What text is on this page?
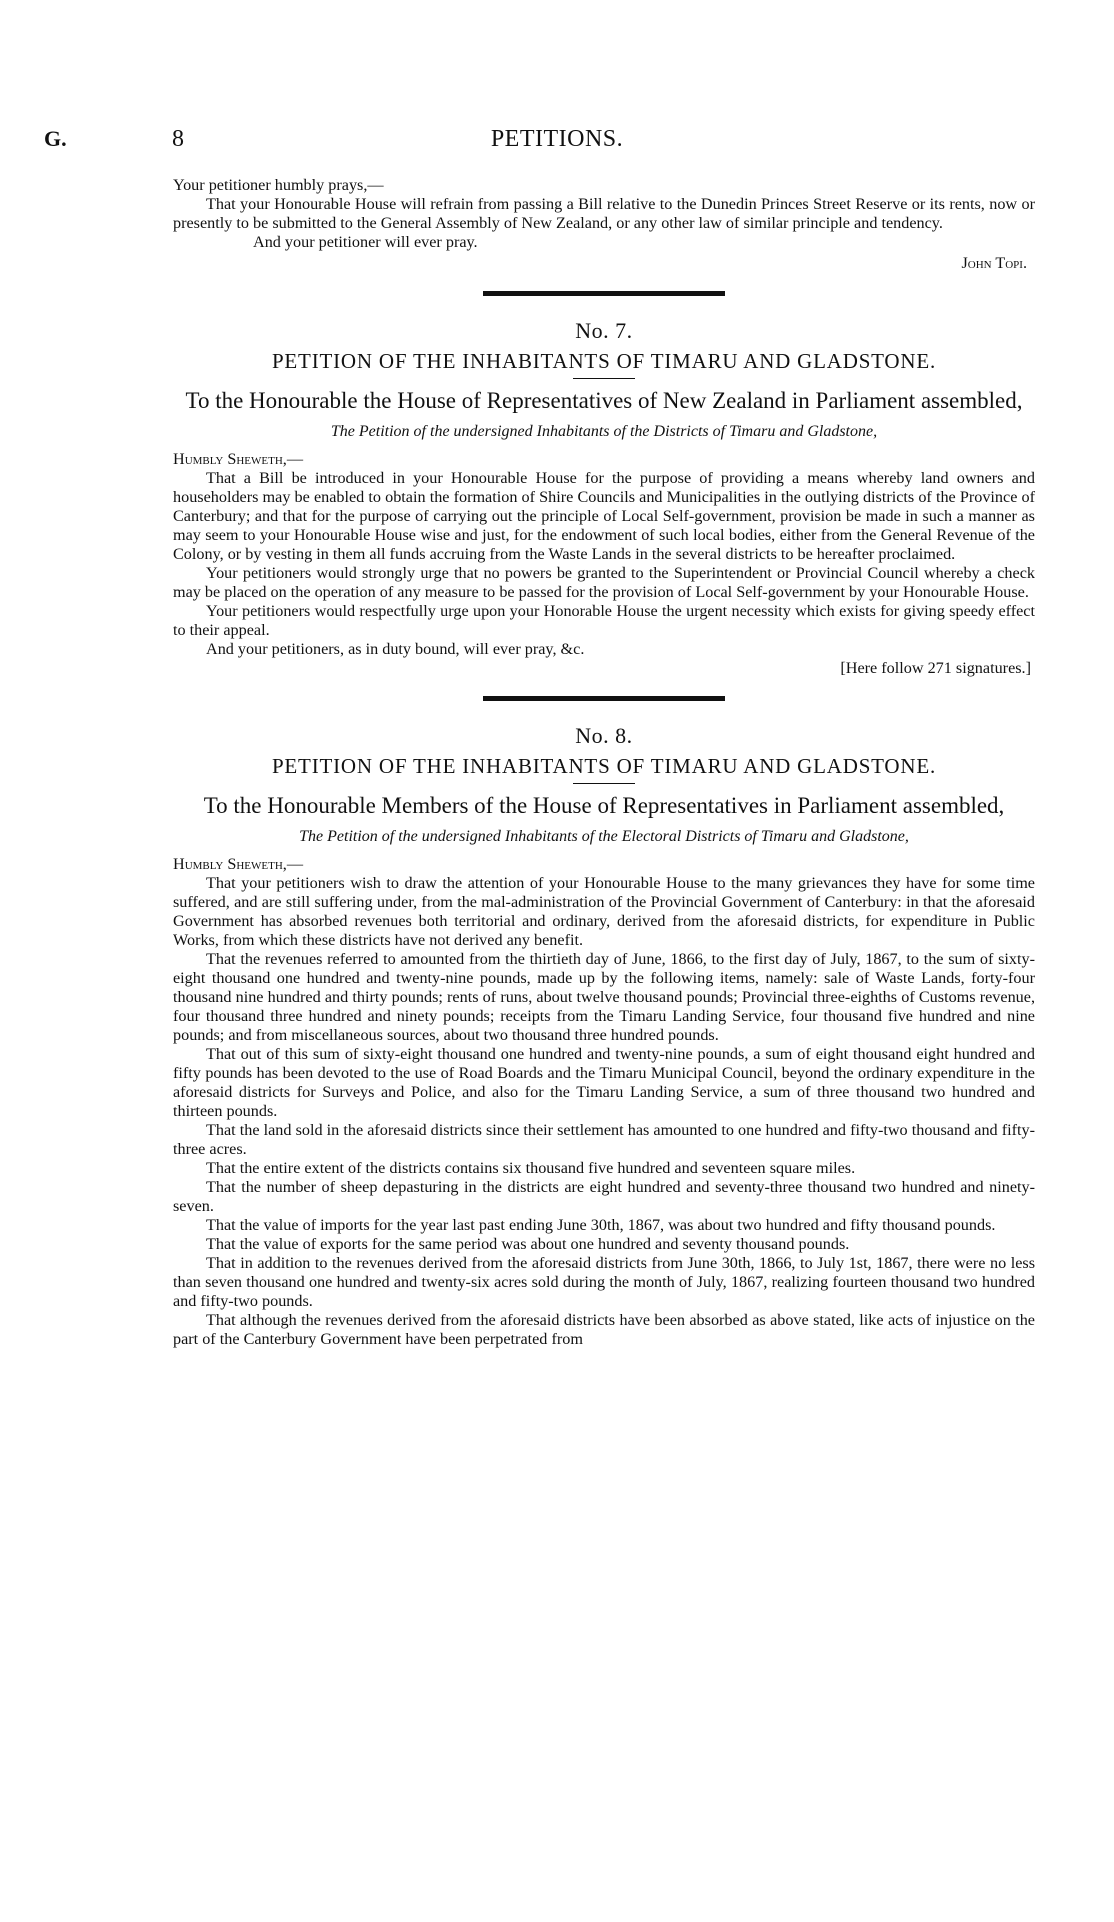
G.	8	PETITIONS.

Your petitioner humbly prays,—

That your Honourable House will refrain from passing a Bill relative to the Dunedin Princes Street Reserve or its rents, now or presently to be submitted to the General Assembly of New Zealand, or any other law of similar principle and tendency.

And your petitioner will ever pray.

John Topi.

No. 7.
PETITION OF THE INHABITANTS OF TIMARU AND GLADSTONE.
To the Honourable the House of Representatives of New Zealand in Parliament assembled,
The Petition of the undersigned Inhabitants of the Districts of Timaru and Gladstone,

Humbly Sheweth,—

That a Bill be introduced in your Honourable House for the purpose of providing a means whereby land owners and householders may be enabled to obtain the formation of Shire Councils and Municipalities in the outlying districts of the Province of Canterbury; and that for the purpose of carrying out the principle of Local Self-government, provision be made in such a manner as may seem to your Honourable House wise and just, for the endowment of such local bodies, either from the General Revenue of the Colony, or by vesting in them all funds accruing from the Waste Lands in the several districts to be hereafter proclaimed.

Your petitioners would strongly urge that no powers be granted to the Superintendent or Provincial Council whereby a check may be placed on the operation of any measure to be passed for the provision of Local Self-government by your Honourable House.

Your petitioners would respectfully urge upon your Honorable House the urgent necessity which exists for giving speedy effect to their appeal.

And your petitioners, as in duty bound, will ever pray, &c.

[Here follow 271 signatures.]

No. 8.
PETITION OF THE INHABITANTS OF TIMARU AND GLADSTONE.
To the Honourable Members of the House of Representatives in Parliament assembled,
The Petition of the undersigned Inhabitants of the Electoral Districts of Timaru and Gladstone,

Humbly Sheweth,—

That your petitioners wish to draw the attention of your Honourable House to the many grievances they have for some time suffered, and are still suffering under, from the mal-administration of the Provincial Government of Canterbury: in that the aforesaid Government has absorbed revenues both territorial and ordinary, derived from the aforesaid districts, for expenditure in Public Works, from which these districts have not derived any benefit.

That the revenues referred to amounted from the thirtieth day of June, 1866, to the first day of July, 1867, to the sum of sixty-eight thousand one hundred and twenty-nine pounds, made up by the following items, namely: sale of Waste Lands, forty-four thousand nine hundred and thirty pounds; rents of runs, about twelve thousand pounds; Provincial three-eighths of Customs revenue, four thousand three hundred and ninety pounds; receipts from the Timaru Landing Service, four thousand five hundred and nine pounds; and from miscellaneous sources, about two thousand three hundred pounds.

That out of this sum of sixty-eight thousand one hundred and twenty-nine pounds, a sum of eight thousand eight hundred and fifty pounds has been devoted to the use of Road Boards and the Timaru Municipal Council, beyond the ordinary expenditure in the aforesaid districts for Surveys and Police, and also for the Timaru Landing Service, a sum of three thousand two hundred and thirteen pounds.

That the land sold in the aforesaid districts since their settlement has amounted to one hundred and fifty-two thousand and fifty-three acres.

That the entire extent of the districts contains six thousand five hundred and seventeen square miles.

That the number of sheep depasturing in the districts are eight hundred and seventy-three thousand two hundred and ninety-seven.

That the value of imports for the year last past ending June 30th, 1867, was about two hundred and fifty thousand pounds.

That the value of exports for the same period was about one hundred and seventy thousand pounds.

That in addition to the revenues derived from the aforesaid districts from June 30th, 1866, to July 1st, 1867, there were no less than seven thousand one hundred and twenty-six acres sold during the month of July, 1867, realizing fourteen thousand two hundred and fifty-two pounds.

That although the revenues derived from the aforesaid districts have been absorbed as above stated, like acts of injustice on the part of the Canterbury Government have been perpetrated from
